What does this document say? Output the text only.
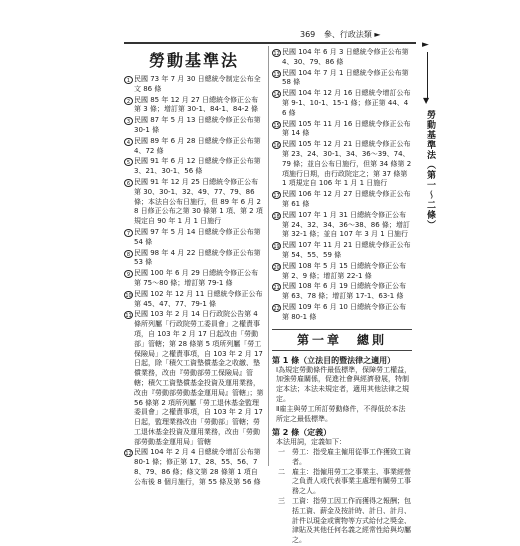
369 參、行政法類 ►
勞動基準法
1 民國 73 年 7 月 30 日總統令制定公布全文 86 條
2 民國 85 年 12 月 27 日總統令修正公布第 3 條；增訂第 30-1、84-1、84-2 條
3 民國 87 年 5 月 13 日總統令修正公布第 30-1 條
4 民國 89 年 6 月 28 日總統令修正公布第 4、72 條
5 民國 91 年 6 月 12 日總統令修正公布第 3、21、30-1、56 條
6 民國 91 年 12 月 25 日總統令修正公布第 30、30-1、32、49、77、79、86 條；本法自公布日施行，但 89 年 6 月 28 日修正公布之第 30 條第 1 項、第 2 項規定自 90 年 1 月 1 日施行
7 民國 97 年 5 月 14 日總統令修正公布第 54 條
8 民國 98 年 4 月 22 日總統令修正公布第 53 條
9 民國 100 年 6 月 29 日總統令修正公布第 75～80 條；增訂第 79-1 條
10 民國 102 年 12 月 11 日總統令修正公布第 45、47、77、79-1 條
11 民國 103 年 2 月 14 日行政院公告第 4 條所列屬「行政院勞工委員會」之權責事項，自 103 年 2 月 17 日起改由「勞動部」管轄；第 28 條第 5 項所列屬「勞工保險局」之權責事項，自 103 年 2 月 17 日起，除「積欠工資墊償基金之收繳、墊償業務，改由『勞動部勞工保險局』管轄；積欠工資墊償基金投資及運用業務，改由『勞動部勞動基金運用局』管轄」；第 56 條第 2 項所列屬「勞工退休基金監理委員會」之權責事項，自 103 年 2 月 17 日起，監理業務改由「勞動部」管轄；勞工退休基金投資及運用業務，改由「勞動部勞動基金運用局」管轄
12 民國 104 年 2 月 4 日總統令增訂公布第 80-1 條；修正第 17、28、55、56、78、79、86 條；條文第 28 條第 1 項自公布後 8 個月施行，第 55 條及第 56 條
12 民國 104 年 6 月 3 日總統令修正公布第 4、30、79、86 條
13 民國 104 年 7 月 1 日總統令修正公布第 58 條
14 民國 104 年 12 月 16 日總統令增訂公布第 9-1、10-1、15-1 條；修正第 44、46 條
15 民國 105 年 11 月 16 日總統令修正公布第 14 條
16 民國 105 年 12 月 21 日總統令修正公布第 23、24、30-1、34、36～39、74、79 條；並自公布日施行，但第 34 條第 2 項施行日期，由行政院定之；第 37 條第 1 項規定自 106 年 1 月 1 日施行
17 民國 106 年 12 月 27 日總統令修正公布第 61 條
18 民國 107 年 1 月 31 日總統令修正公布第 24、32、34、36～38、86 條；增訂第 32-1 條；並自 107 年 3 月 1 日施行
19 民國 107 年 11 月 21 日總統令修正公布第 54、55、59 條
20 民國 108 年 5 月 15 日總統令修正公布第 2、9 條；增訂第 22-1 條
21 民國 108 年 6 月 19 日總統令修正公布第 63、78 條；增訂第 17-1、63-1 條
22 民國 109 年 6 月 10 日總統令修正公布第 80-1 條
第一章　總則
第 1 條（立法目的暨法律之適用）
Ⅰ為規定勞動條件最低標準，保障勞工權益，加強勞雇關係，促進社會與經濟發展，特制定本法；本法未規定者，適用其他法律之規定。
Ⅱ雇主與勞工所訂勞動條件，不得低於本法所定之最低標準。
第 2 條（定義）
本法用詞，定義如下：
一	勞工：指受雇主僱用從事工作獲致工資者。
二	雇主：指僱用勞工之事業主、事業經營之負責人或代表事業主處理有關勞工事務之人。
三	工資：指勞工因工作而獲得之報酬；包括工資、薪金及按計時、計日、計月、計件以現金或實物等方式給付之獎金、津貼及其他任何名義之經常性給與均屬之。
►
▼
勞動基準法（第一～二條）
